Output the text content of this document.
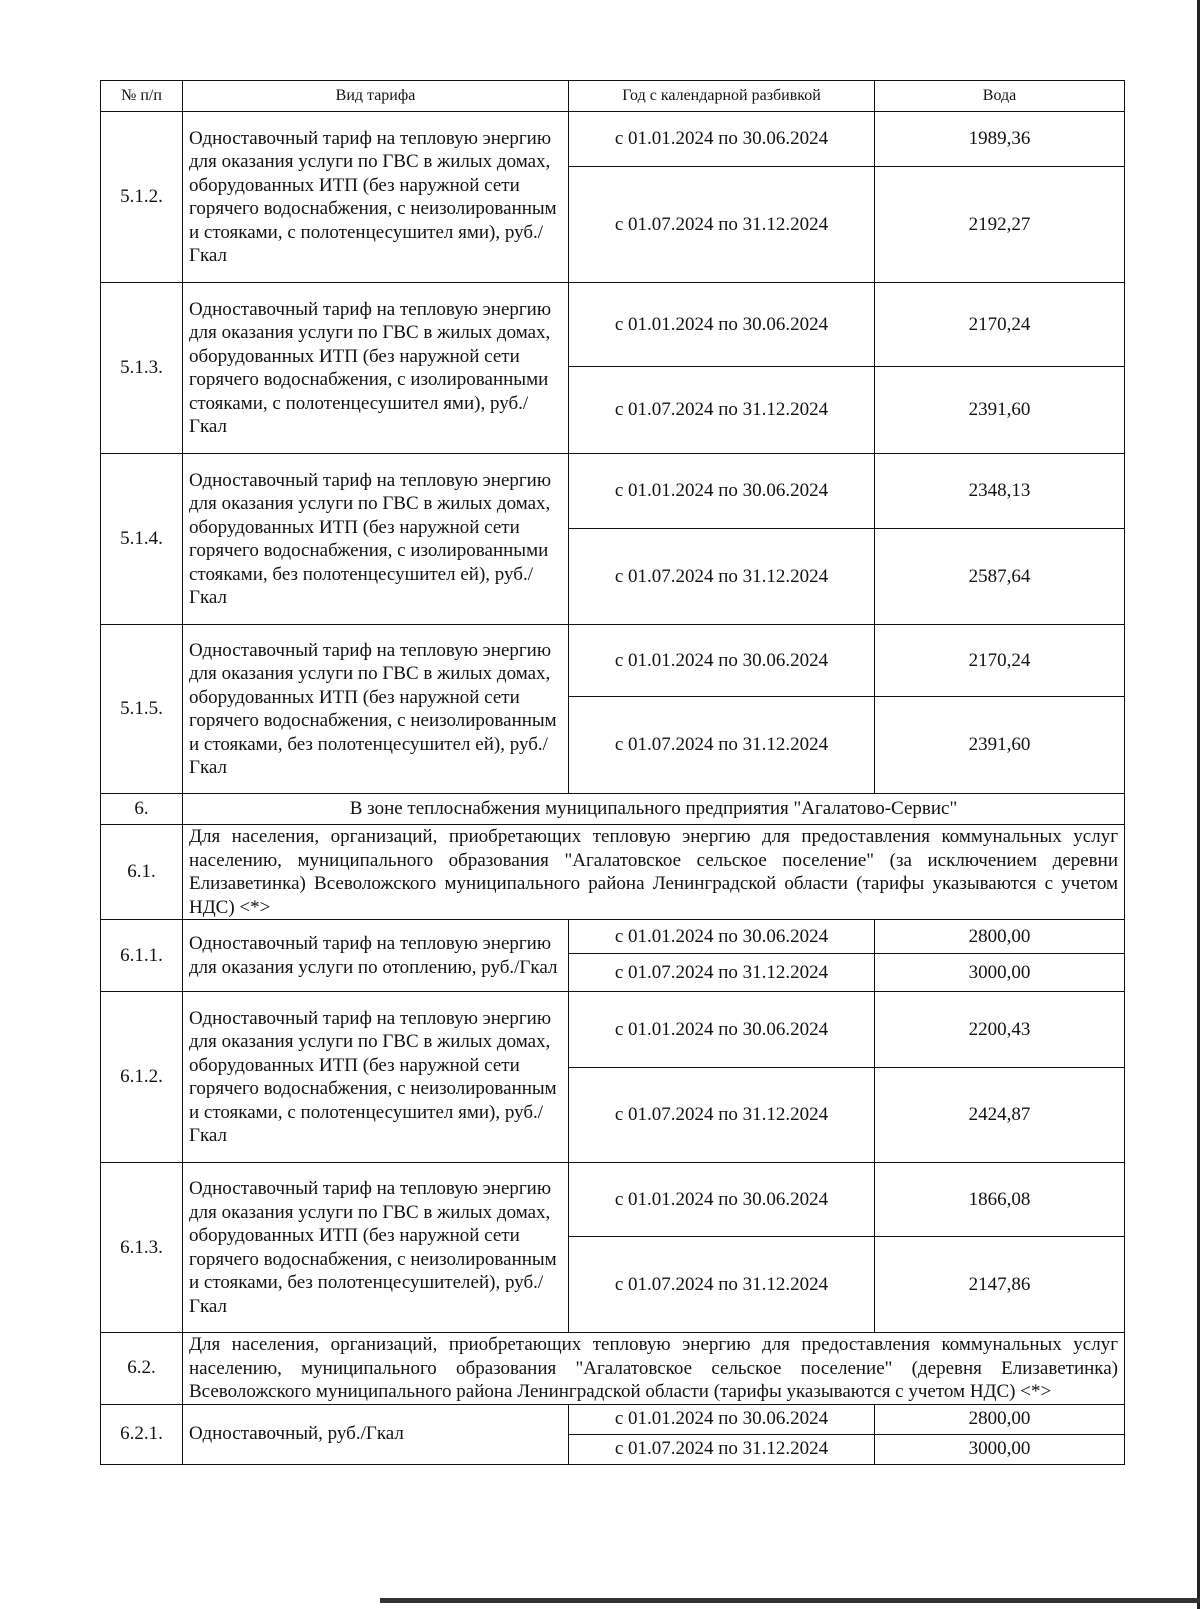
№ п/п	Вид тарифа	Год с календарной разбивкой	Вода
5.1.2.	Одноставочный тариф на тепловую энергию для оказания услуги по ГВС в жилых домах, оборудованных ИТП (без наружной сети горячего водоснабжения, с неизолированным и стояками, с полотенцесушител ями), руб./Гкал	с 01.01.2024 по 30.06.2024	1989,36
		с 01.07.2024 по 31.12.2024	2192,27
5.1.3.	Одноставочный тариф на тепловую энергию для оказания услуги по ГВС в жилых домах, оборудованных ИТП (без наружной сети горячего водоснабжения, с изолированными стояками, с полотенцесушител ями), руб./Гкал	с 01.01.2024 по 30.06.2024	2170,24
		с 01.07.2024 по 31.12.2024	2391,60
5.1.4.	Одноставочный тариф на тепловую энергию для оказания услуги по ГВС в жилых домах, оборудованных ИТП (без наружной сети горячего водоснабжения, с изолированными стояками, без полотенцесушител ей), руб./Гкал	с 01.01.2024 по 30.06.2024	2348,13
		с 01.07.2024 по 31.12.2024	2587,64
5.1.5.	Одноставочный тариф на тепловую энергию для оказания услуги по ГВС в жилых домах, оборудованных ИТП (без наружной сети горячего водоснабжения, с неизолированным и стояками, без полотенцесушител ей), руб./Гкал	с 01.01.2024 по 30.06.2024	2170,24
		с 01.07.2024 по 31.12.2024	2391,60
6.	В зоне теплоснабжения муниципального предприятия "Агалатово-Сервис"		
6.1.	Для населения, организаций, приобретающих тепловую энергию для предоставления коммунальных услуг населению, муниципального образования "Агалатовское сельское поселение" (за исключением деревни Елизаветинка) Всеволожского муниципального района Ленинградской области (тарифы указываются с учетом НДС) <*>		
6.1.1.	Одноставочный тариф на тепловую энергию для оказания услуги по отоплению, руб./Гкал	с 01.01.2024 по 30.06.2024	2800,00
		с 01.07.2024 по 31.12.2024	3000,00
6.1.2.	Одноставочный тариф на тепловую энергию для оказания услуги по ГВС в жилых домах, оборудованных ИТП (без наружной сети горячего водоснабжения, с неизолированным и стояками, с полотенцесушител ями), руб./Гкал	с 01.01.2024 по 30.06.2024	2200,43
		с 01.07.2024 по 31.12.2024	2424,87
6.1.3.	Одноставочный тариф на тепловую энергию для оказания услуги по ГВС в жилых домах, оборудованных ИТП (без наружной сети горячего водоснабжения, с неизолированным и стояками, без полотенцесушителей), руб./Гкал	с 01.01.2024 по 30.06.2024	1866,08
		с 01.07.2024 по 31.12.2024	2147,86
6.2.	Для населения, организаций, приобретающих тепловую энергию для предоставления коммунальных услуг населению, муниципального образования "Агалатовское сельское поселение" (деревня Елизаветинка) Всеволожского муниципального района Ленинградской области (тарифы указываются с учетом НДС) <*>		
6.2.1.	Одноставочный, руб./Гкал	с 01.01.2024 по 30.06.2024	2800,00
		с 01.07.2024 по 31.12.2024	3000,00
